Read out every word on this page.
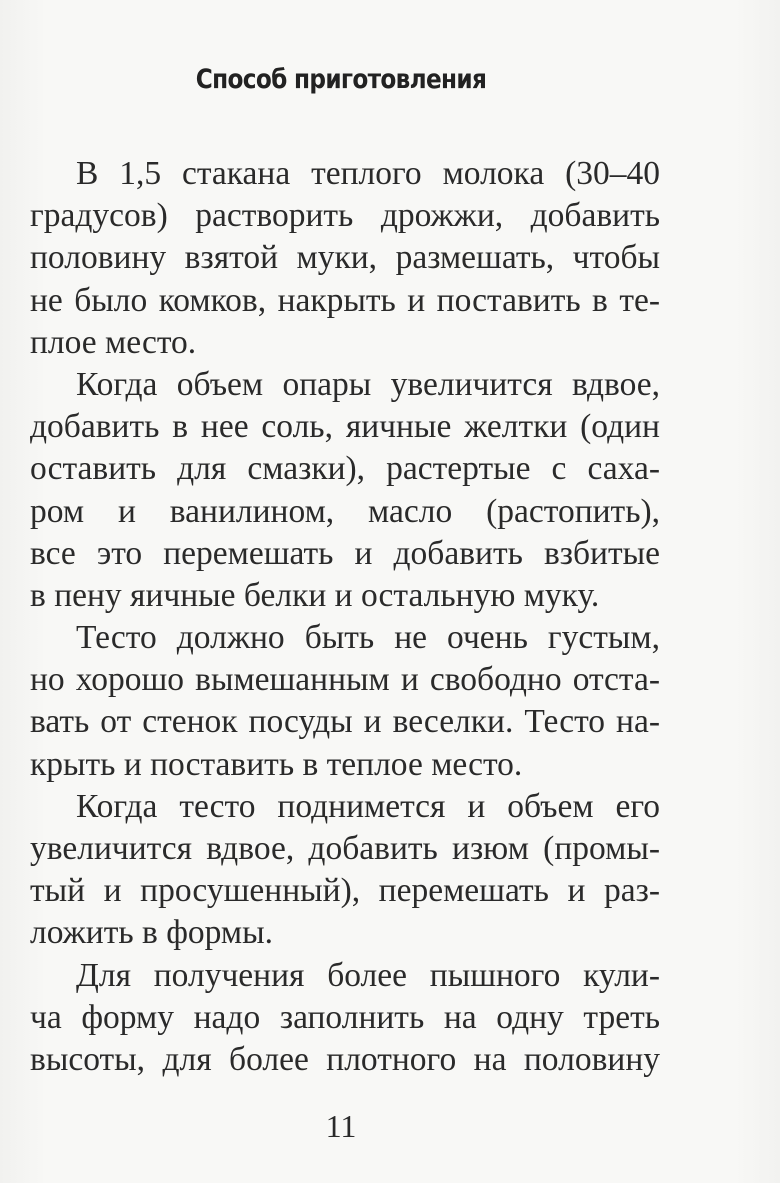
Способ приготовления
В 1,5 стакана теплого молока (30–40
градусов) растворить дрожжи, добавить
половину взятой муки, размешать, чтобы
не было комков, накрыть и поставить в те-
плое место.
Когда объем опары увеличится вдвое,
добавить в нее соль, яичные желтки (один
оставить для смазки), растертые с саха-
ром и ванилином, масло (растопить),
все это перемешать и добавить взбитые
в пену яичные белки и остальную муку.
Тесто должно быть не очень густым,
но хорошо вымешанным и свободно отста-
вать от стенок посуды и веселки. Тесто на-
крыть и поставить в теплое место.
Когда тесто поднимется и объем его
увеличится вдвое, добавить изюм (промы-
тый и просушенный), перемешать и раз-
ложить в формы.
Для получения более пышного кули-
ча форму надо заполнить на одну треть
высоты, для более плотного на половину
11
